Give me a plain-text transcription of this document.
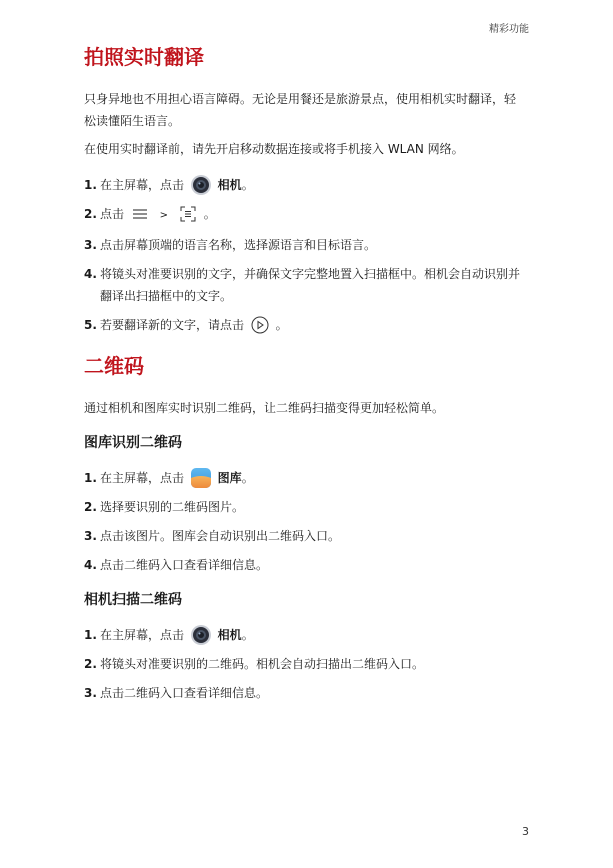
精彩功能
拍照实时翻译
只身异地也不用担心语言障碍。无论是用餐还是旅游景点，使用相机实时翻译，轻松读懂陌生语言。
在使用实时翻译前，请先开启移动数据连接或将手机接入 WLAN 网络。
1. 在主屏幕，点击	相机。
2. 点击	>	。
3. 点击屏幕顶端的语言名称，选择源语言和目标语言。
4. 将镜头对准要识别的文字，并确保文字完整地置入扫描框中。相机会自动识别并翻译出扫描框中的文字。
5. 若要翻译新的文字，请点击	。
二维码
通过相机和图库实时识别二维码，让二维码扫描变得更加轻松简单。
图库识别二维码
1. 在主屏幕，点击	图库。
2. 选择要识别的二维码图片。
3. 点击该图片。图库会自动识别出二维码入口。
4. 点击二维码入口查看详细信息。
相机扫描二维码
1. 在主屏幕，点击	相机。
2. 将镜头对准要识别的二维码。相机会自动扫描出二维码入口。
3. 点击二维码入口查看详细信息。
3
